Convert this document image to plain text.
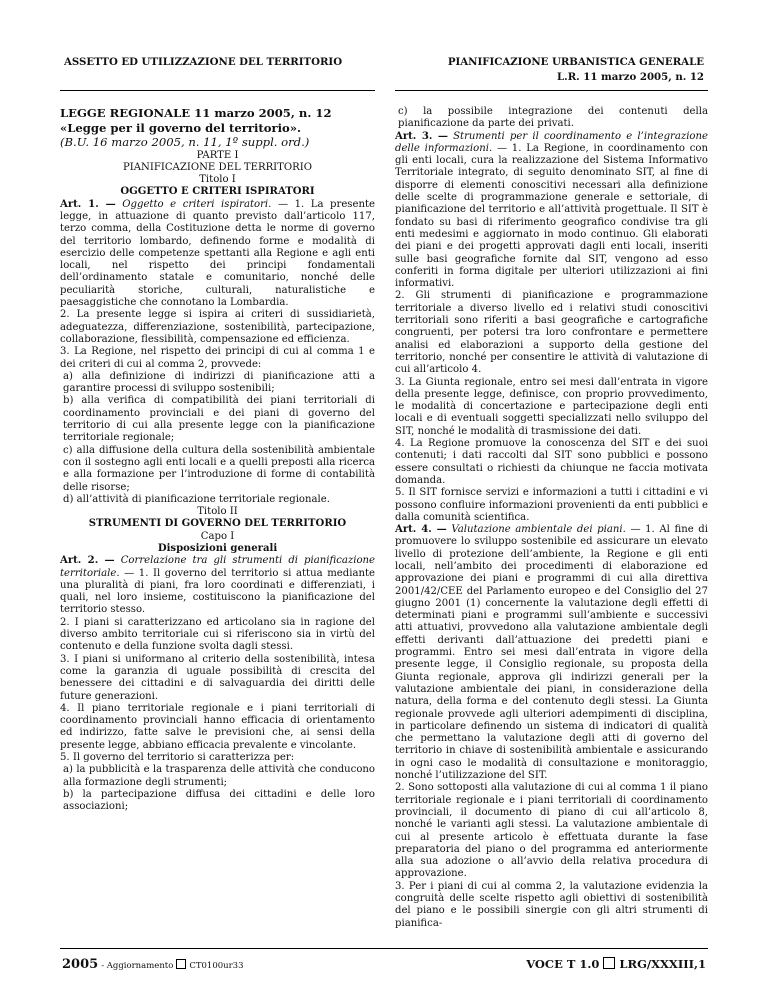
ASSETTO ED UTILIZZAZIONE DEL TERRITORIO	PIANIFICAZIONE URBANISTICA GENERALE
L.R. 11 marzo 2005, n. 12

LEGGE REGIONALE 11 marzo 2005, n. 12

«Legge per il governo del territorio».

(B.U. 16 marzo 2005, n. 11, 1º suppl. ord.)

PARTE I

PIANIFICAZIONE DEL TERRITORIO

Titolo I

OGGETTO E CRITERI ISPIRATORI

Art. 1. — Oggetto e criteri ispiratori. — 1. La presente legge, in attuazione di quanto previsto dall’articolo 117, terzo comma, della Costituzione detta le norme di governo del territorio lombardo, definendo forme e modalità di esercizio delle competenze spettanti alla Regione e agli enti locali, nel rispetto dei principi fondamentali dell’ordinamento statale e comunitario, nonché delle peculiarità storiche, culturali, naturalistiche e paesaggistiche che connotano la Lombardia.

2. La presente legge si ispira ai criteri di sussidiarietà, adeguatezza, differenziazione, sostenibilità, partecipazione, collaborazione, flessibilità, compensazione ed efficienza.

3. La Regione, nel rispetto dei principi di cui al comma 1 e dei criteri di cui al comma 2, provvede:

a) alla definizione di indirizzi di pianificazione atti a garantire processi di sviluppo sostenibili;

b) alla verifica di compatibilità dei piani territoriali di coordinamento provinciali e dei piani di governo del territorio di cui alla presente legge con la pianificazione territoriale regionale;

c) alla diffusione della cultura della sostenibilità ambientale con il sostegno agli enti locali e a quelli preposti alla ricerca e alla formazione per l’introduzione di forme di contabilità delle risorse;

d) all’attività di pianificazione territoriale regionale.

Titolo II

STRUMENTI DI GOVERNO DEL TERRITORIO

Capo I

Disposizioni generali

Art. 2. — Correlazione tra gli strumenti di pianificazione territoriale. — 1. Il governo del territorio si attua mediante una pluralità di piani, fra loro coordinati e differenziati, i quali, nel loro insieme, costituiscono la pianificazione del territorio stesso.

2. I piani si caratterizzano ed articolano sia in ragione del diverso ambito territoriale cui si riferiscono sia in virtù del contenuto e della funzione svolta dagli stessi.

3. I piani si uniformano al criterio della sostenibilità, intesa come la garanzia di uguale possibilità di crescita del benessere dei cittadini e di salvaguardia dei diritti delle future generazioni.

4. Il piano territoriale regionale e i piani territoriali di coordinamento provinciali hanno efficacia di orientamento ed indirizzo, fatte salve le previsioni che, ai sensi della presente legge, abbiano efficacia prevalente e vincolante.

5. Il governo del territorio si caratterizza per:

a) la pubblicità e la trasparenza delle attività che conducono alla formazione degli strumenti;

b) la partecipazione diffusa dei cittadini e delle loro associazioni;

c) la possibile integrazione dei contenuti della pianificazione da parte dei privati.

Art. 3. — Strumenti per il coordinamento e l’integrazione delle informazioni. — 1. La Regione, in coordinamento con gli enti locali, cura la realizzazione del Sistema Informativo Territoriale integrato, di seguito denominato SIT, al fine di disporre di elementi conoscitivi necessari alla definizione delle scelte di programmazione generale e settoriale, di pianificazione del territorio e all’attività progettuale. Il SIT è fondato su basi di riferimento geografico condivise tra gli enti medesimi e aggiornato in modo continuo. Gli elaborati dei piani e dei progetti approvati dagli enti locali, inseriti sulle basi geografiche fornite dal SIT, vengono ad esso conferiti in forma digitale per ulteriori utilizzazioni ai fini informativi.

2. Gli strumenti di pianificazione e programmazione territoriale a diverso livello ed i relativi studi conoscitivi territoriali sono riferiti a basi geografiche e cartografiche congruenti, per potersi tra loro confrontare e permettere analisi ed elaborazioni a supporto della gestione del territorio, nonché per consentire le attività di valutazione di cui all’articolo 4.

3. La Giunta regionale, entro sei mesi dall’entrata in vigore della presente legge, definisce, con proprio provvedimento, le modalità di concertazione e partecipazione degli enti locali e di eventuali soggetti specializzati nello sviluppo del SIT, nonché le modalità di trasmissione dei dati.

4. La Regione promuove la conoscenza del SIT e dei suoi contenuti; i dati raccolti dal SIT sono pubblici e possono essere consultati o richiesti da chiunque ne faccia motivata domanda.

5. Il SIT fornisce servizi e informazioni a tutti i cittadini e vi possono confluire informazioni provenienti da enti pubblici e dalla comunità scientifica.

Art. 4. — Valutazione ambientale dei piani. — 1. Al fine di promuovere lo sviluppo sostenibile ed assicurare un elevato livello di protezione dell’ambiente, la Regione e gli enti locali, nell’ambito dei procedimenti di elaborazione ed approvazione dei piani e programmi di cui alla direttiva 2001/42/CEE del Parlamento europeo e del Consiglio del 27 giugno 2001 (1) concernente la valutazione degli effetti di determinati piani e programmi sull’ambiente e successivi atti attuativi, provvedono alla valutazione ambientale degli effetti derivanti dall’attuazione dei predetti piani e programmi. Entro sei mesi dall’entrata in vigore della presente legge, il Consiglio regionale, su proposta della Giunta regionale, approva gli indirizzi generali per la valutazione ambientale dei piani, in considerazione della natura, della forma e del contenuto degli stessi. La Giunta regionale provvede agli ulteriori adempimenti di disciplina, in particolare definendo un sistema di indicatori di qualità che permettano la valutazione degli atti di governo del territorio in chiave di sostenibilità ambientale e assicurando in ogni caso le modalità di consultazione e monitoraggio, nonché l’utilizzazione del SIT.

2. Sono sottoposti alla valutazione di cui al comma 1 il piano territoriale regionale e i piani territoriali di coordinamento provinciali, il documento di piano di cui all’articolo 8, nonché le varianti agli stessi. La valutazione ambientale di cui al presente articolo è effettuata durante la fase preparatoria del piano o del programma ed anteriormente alla sua adozione o all’avvio della relativa procedura di approvazione.

3. Per i piani di cui al comma 2, la valutazione evidenzia la congruità delle scelte rispetto agli obiettivi di sostenibilità del piano e le possibili sinergie con gli altri strumenti di pianifica-

2005 - Aggiornamento CT0100ur33	VOCE T 1.0 LRG/XXXIII,1
